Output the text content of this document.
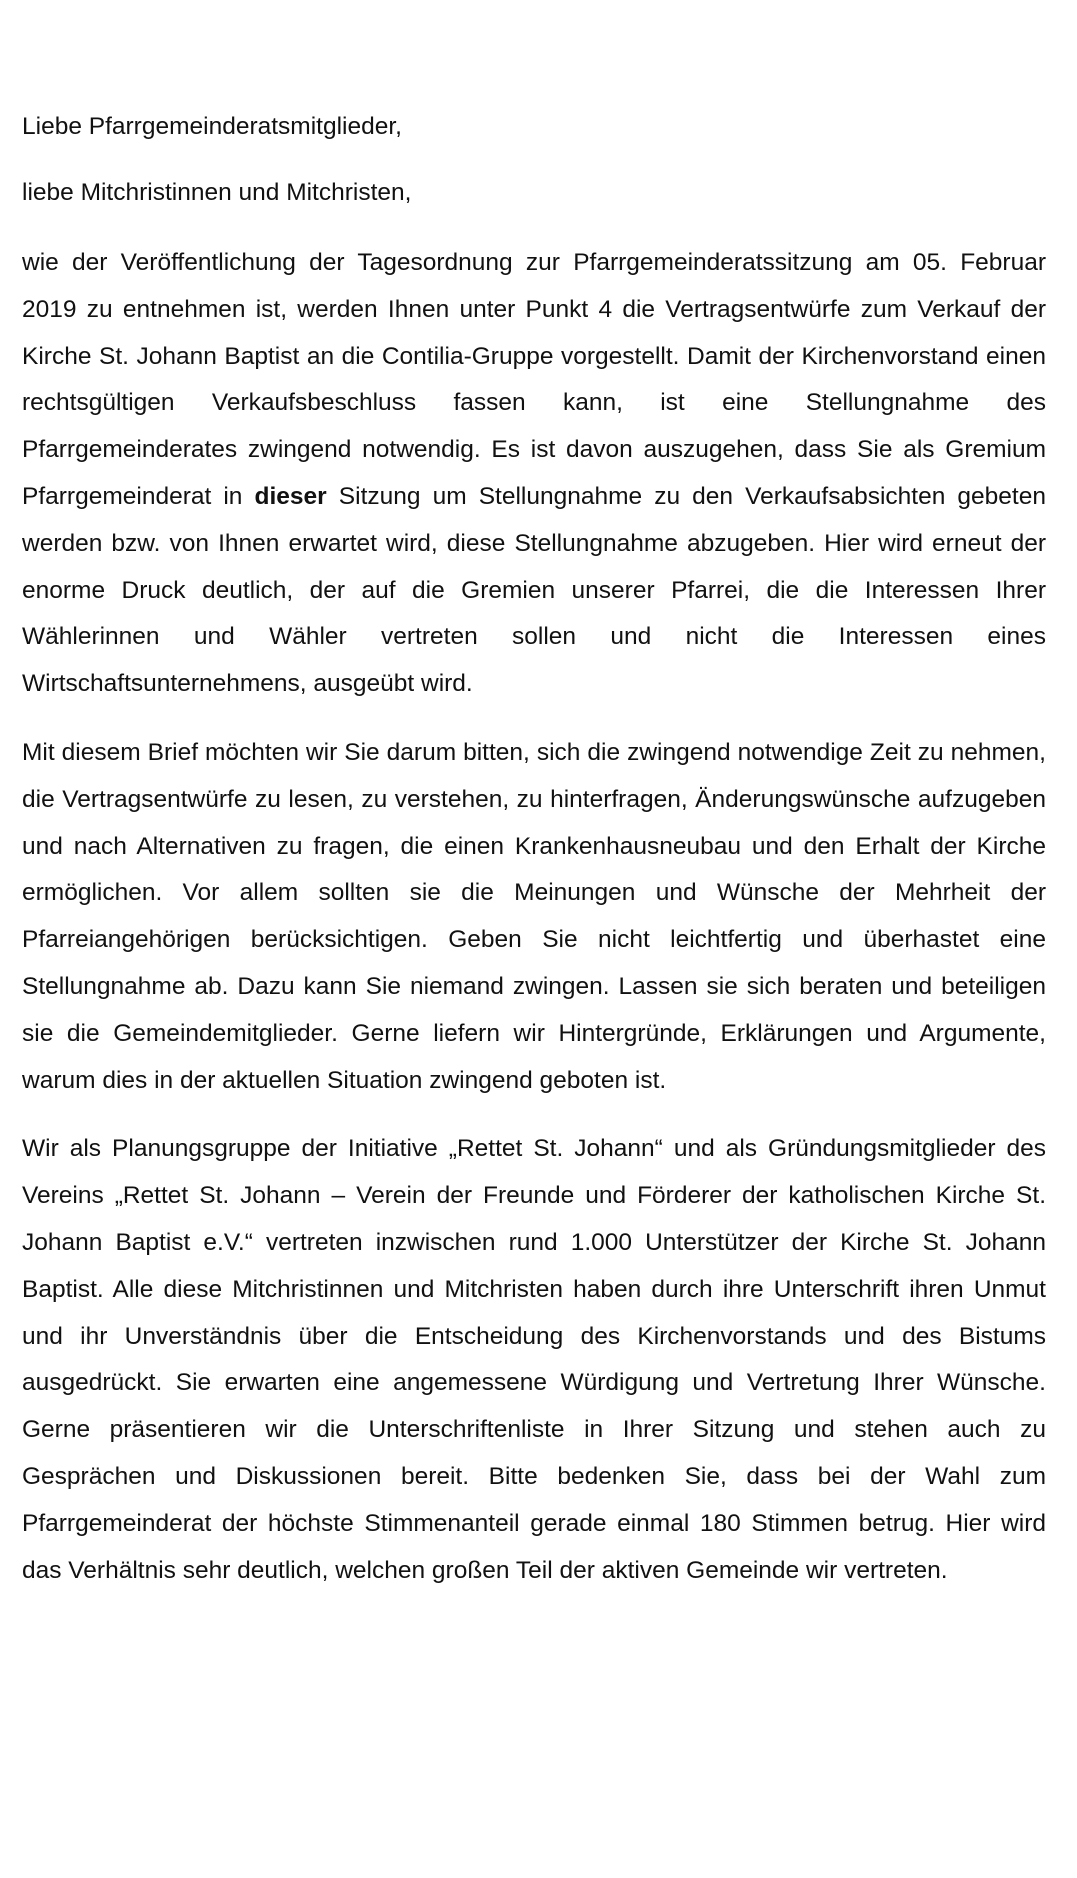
Liebe Pfarrgemeinderatsmitglieder,

liebe Mitchristinnen und Mitchristen,

wie der Veröffentlichung der Tagesordnung zur Pfarrgemeinderatssitzung am 05. Februar 2019 zu entnehmen ist, werden Ihnen unter Punkt 4 die Vertragsentwürfe zum Verkauf der Kirche St. Johann Baptist an die Contilia-Gruppe vorgestellt. Damit der Kirchenvorstand einen rechtsgültigen Verkaufsbeschluss fassen kann, ist eine Stellungnahme des Pfarrgemeinderates zwingend notwendig. Es ist davon auszugehen, dass Sie als Gremium Pfarrgemeinderat in dieser Sitzung um Stellungnahme zu den Verkaufsabsichten gebeten werden bzw. von Ihnen erwartet wird, diese Stellungnahme abzugeben. Hier wird erneut der enorme Druck deutlich, der auf die Gremien unserer Pfarrei, die die Interessen Ihrer Wählerinnen und Wähler vertreten sollen und nicht die Interessen eines Wirtschaftsunternehmens, ausgeübt wird.

Mit diesem Brief möchten wir Sie darum bitten, sich die zwingend notwendige Zeit zu nehmen, die Vertragsentwürfe zu lesen, zu verstehen, zu hinterfragen, Änderungswünsche aufzugeben und nach Alternativen zu fragen, die einen Krankenhausneubau und den Erhalt der Kirche ermöglichen. Vor allem sollten sie die Meinungen und Wünsche der Mehrheit der Pfarreiangehörigen berücksichtigen. Geben Sie nicht leichtfertig und überhastet eine Stellungnahme ab. Dazu kann Sie niemand zwingen. Lassen sie sich beraten und beteiligen sie die Gemeindemitglieder. Gerne liefern wir Hintergründe, Erklärungen und Argumente, warum dies in der aktuellen Situation zwingend geboten ist.

Wir als Planungsgruppe der Initiative „Rettet St. Johann“ und als Gründungsmitglieder des Vereins „Rettet St. Johann – Verein der Freunde und Förderer der katholischen Kirche St. Johann Baptist e.V.“ vertreten inzwischen rund 1.000 Unterstützer der Kirche St. Johann Baptist. Alle diese Mitchristinnen und Mitchristen haben durch ihre Unterschrift ihren Unmut und ihr Unverständnis über die Entscheidung des Kirchenvorstands und des Bistums ausgedrückt. Sie erwarten eine angemessene Würdigung und Vertretung Ihrer Wünsche. Gerne präsentieren wir die Unterschriftenliste in Ihrer Sitzung und stehen auch zu Gesprächen und Diskussionen bereit. Bitte bedenken Sie, dass bei der Wahl zum Pfarrgemeinderat der höchste Stimmenanteil gerade einmal 180 Stimmen betrug. Hier wird das Verhältnis sehr deutlich, welchen großen Teil der aktiven Gemeinde wir vertreten.
